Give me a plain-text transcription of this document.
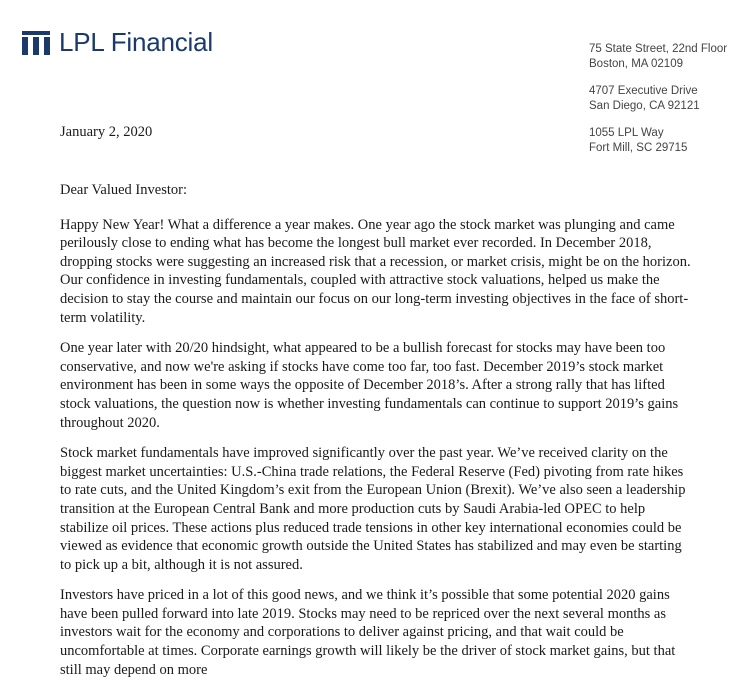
LPL Financial	75 State Street, 22nd Floor
Boston, MA 02109
4707 Executive Drive
San Diego, CA 92121
1055 LPL Way
Fort Mill, SC 29715
January 2, 2020

Dear Valued Investor:

Happy New Year! What a difference a year makes. One year ago the stock market was plunging and came perilously close to ending what has become the longest bull market ever recorded. In December 2018, dropping stocks were suggesting an increased risk that a recession, or market crisis, might be on the horizon. Our confidence in investing fundamentals, coupled with attractive stock valuations, helped us make the decision to stay the course and maintain our focus on our long-term investing objectives in the face of short-term volatility.

One year later with 20/20 hindsight, what appeared to be a bullish forecast for stocks may have been too conservative, and now we're asking if stocks have come too far, too fast. December 2019’s stock market environment has been in some ways the opposite of December 2018’s. After a strong rally that has lifted stock valuations, the question now is whether investing fundamentals can continue to support 2019’s gains throughout 2020.

Stock market fundamentals have improved significantly over the past year. We’ve received clarity on the biggest market uncertainties: U.S.-China trade relations, the Federal Reserve (Fed) pivoting from rate hikes to rate cuts, and the United Kingdom’s exit from the European Union (Brexit). We’ve also seen a leadership transition at the European Central Bank and more production cuts by Saudi Arabia-led OPEC to help stabilize oil prices. These actions plus reduced trade tensions in other key international economies could be viewed as evidence that economic growth outside the United States has stabilized and may even be starting to pick up a bit, although it is not assured.

Investors have priced in a lot of this good news, and we think it’s possible that some potential 2020 gains have been pulled forward into late 2019. Stocks may need to be repriced over the next several months as investors wait for the economy and corporations to deliver against pricing, and that wait could be uncomfortable at times. Corporate earnings growth will likely be the driver of stock market gains, but that still may depend on more
